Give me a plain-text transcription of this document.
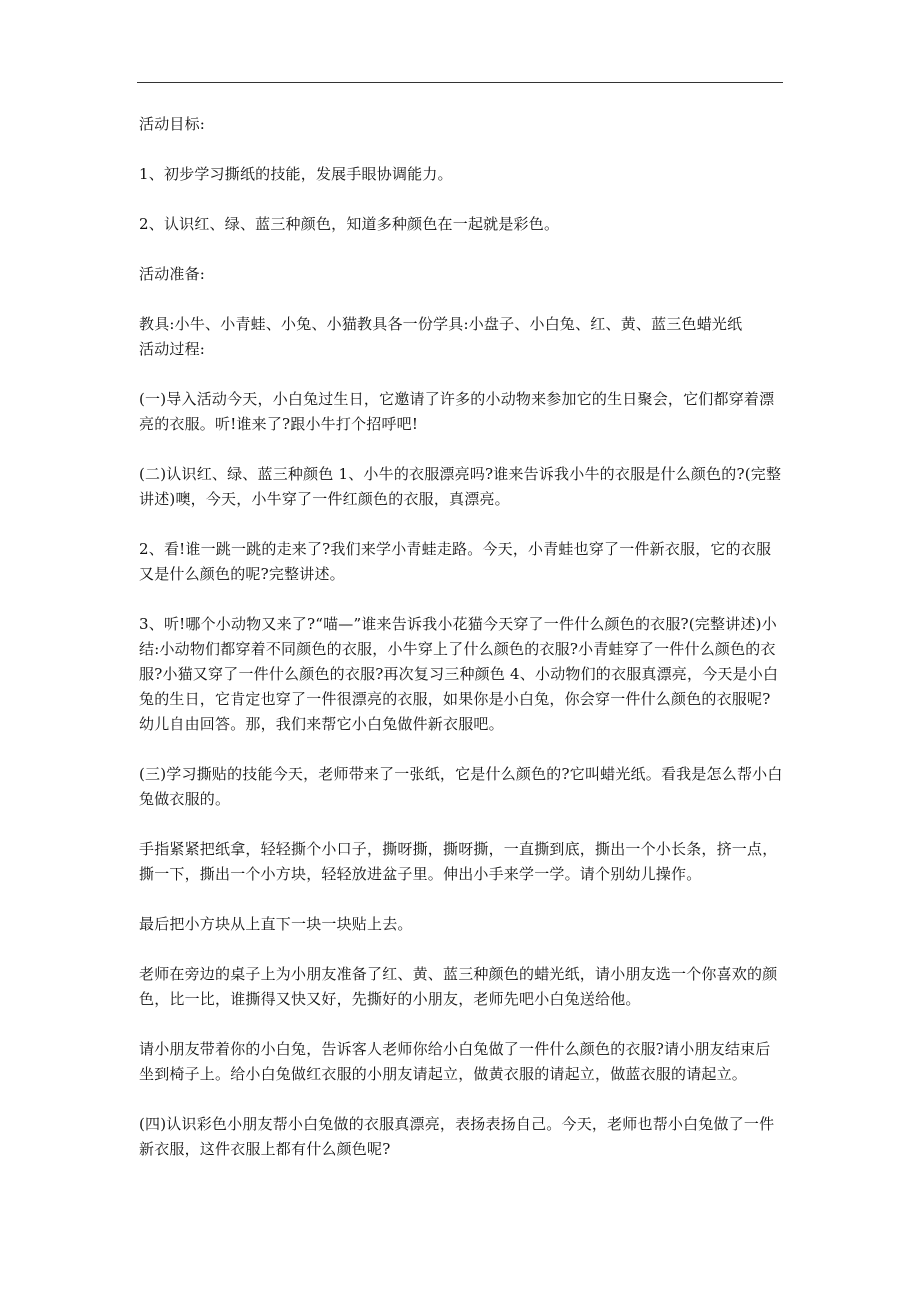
活动目标:

1、初步学习撕纸的技能，发展手眼协调能力。

2、认识红、绿、蓝三种颜色，知道多种颜色在一起就是彩色。

活动准备:

教具:小牛、小青蛙、小兔、小猫教具各一份学具:小盘子、小白兔、红、黄、蓝三色蜡光纸

活动过程:

(一)导入活动今天，小白兔过生日，它邀请了许多的小动物来参加它的生日聚会，它们都穿着漂亮的衣服。听!谁来了?跟小牛打个招呼吧!

(二)认识红、绿、蓝三种颜色 1、小牛的衣服漂亮吗?谁来告诉我小牛的衣服是什么颜色的?(完整讲述)噢，今天，小牛穿了一件红颜色的衣服，真漂亮。

2、看!谁一跳一跳的走来了?我们来学小青蛙走路。今天，小青蛙也穿了一件新衣服，它的衣服又是什么颜色的呢?完整讲述。

3、听!哪个小动物又来了?“喵—”谁来告诉我小花猫今天穿了一件什么颜色的衣服?(完整讲述)小结:小动物们都穿着不同颜色的衣服，小牛穿上了什么颜色的衣服?小青蛙穿了一件什么颜色的衣服?小猫又穿了一件什么颜色的衣服?再次复习三种颜色 4、小动物们的衣服真漂亮，今天是小白兔的生日，它肯定也穿了一件很漂亮的衣服，如果你是小白兔，你会穿一件什么颜色的衣服呢?幼儿自由回答。那，我们来帮它小白兔做件新衣服吧。

(三)学习撕贴的技能今天，老师带来了一张纸，它是什么颜色的?它叫蜡光纸。看我是怎么帮小白兔做衣服的。

手指紧紧把纸拿，轻轻撕个小口子，撕呀撕，撕呀撕，一直撕到底，撕出一个小长条，挤一点，撕一下，撕出一个小方块，轻轻放进盆子里。伸出小手来学一学。请个别幼儿操作。

最后把小方块从上直下一块一块贴上去。

老师在旁边的桌子上为小朋友准备了红、黄、蓝三种颜色的蜡光纸，请小朋友选一个你喜欢的颜色，比一比，谁撕得又快又好，先撕好的小朋友，老师先吧小白兔送给他。

请小朋友带着你的小白兔，告诉客人老师你给小白兔做了一件什么颜色的衣服?请小朋友结束后坐到椅子上。给小白兔做红衣服的小朋友请起立，做黄衣服的请起立，做蓝衣服的请起立。

(四)认识彩色小朋友帮小白兔做的衣服真漂亮，表扬表扬自己。今天，老师也帮小白兔做了一件新衣服，这件衣服上都有什么颜色呢?
